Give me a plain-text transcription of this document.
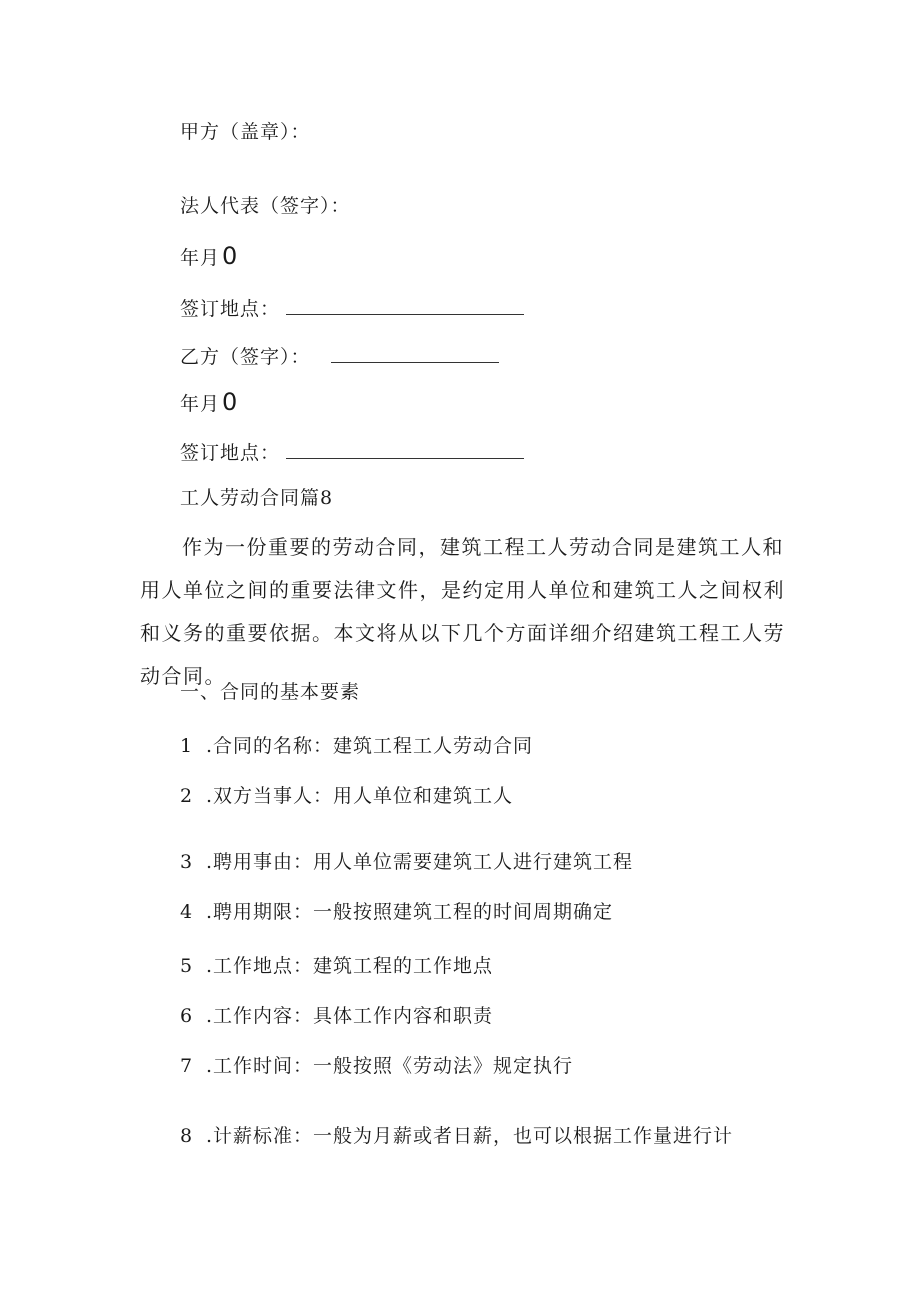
甲方（盖章）：
法人代表（签字）：
年月0
签订地点：
乙方（签字）：
年月0
签订地点：
工人劳动合同篇8
作为一份重要的劳动合同，建筑工程工人劳动合同是建筑工人和用人单位之间的重要法律文件，是约定用人单位和建筑工人之间权利和义务的重要依据。本文将从以下几个方面详细介绍建筑工程工人劳动合同。
一、合同的基本要素
1 .合同的名称：建筑工程工人劳动合同
2 .双方当事人：用人单位和建筑工人
3 .聘用事由：用人单位需要建筑工人进行建筑工程
4 .聘用期限：一般按照建筑工程的时间周期确定
5 .工作地点：建筑工程的工作地点
6 .工作内容：具体工作内容和职责
7 .工作时间：一般按照《劳动法》规定执行
8 .计薪标准：一般为月薪或者日薪，也可以根据工作量进行计
